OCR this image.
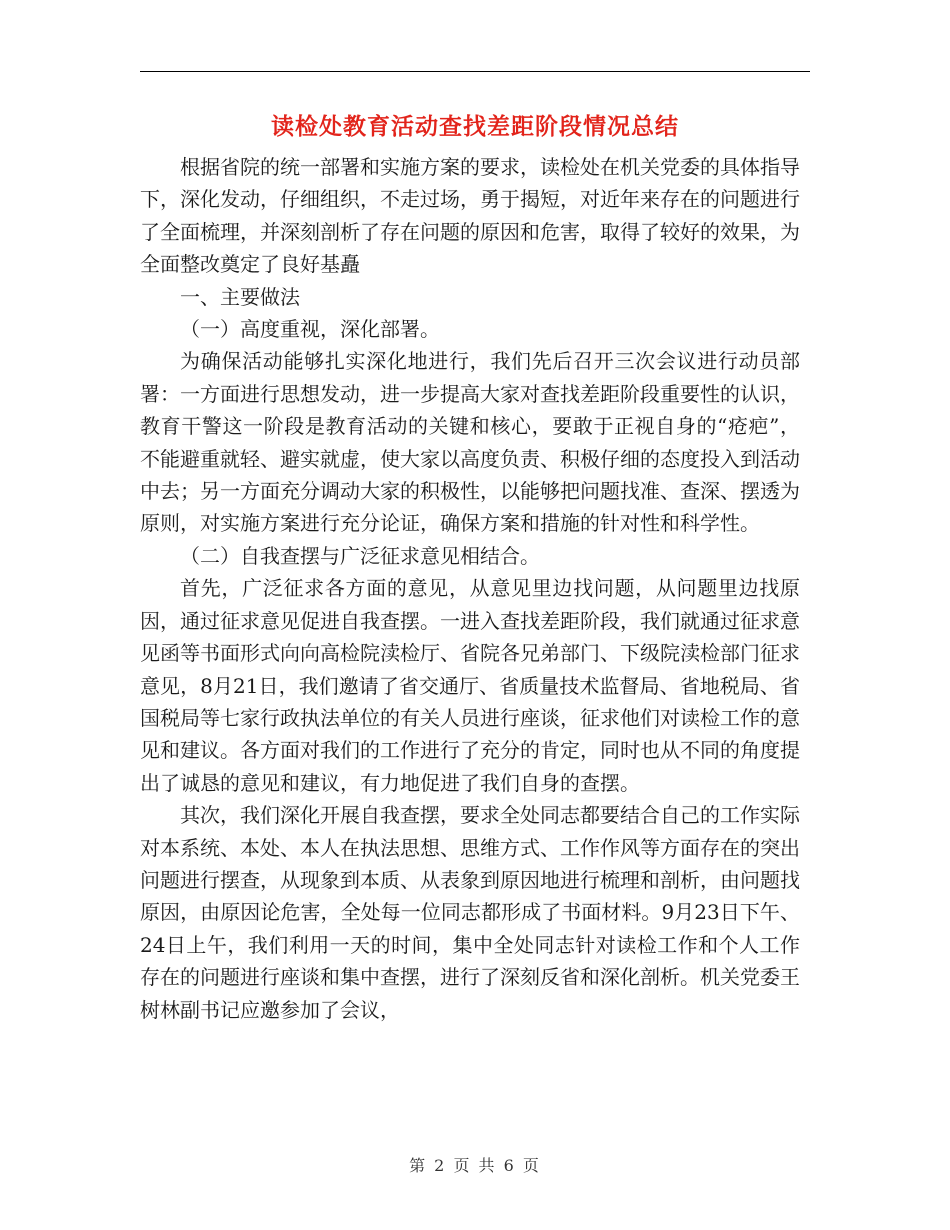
读检处教育活动查找差距阶段情况总结

根据省院的统一部署和实施方案的要求，读检处在机关党委的具体指导下，深化发动，仔细组织，不走过场，勇于揭短，对近年来存在的问题进行了全面梳理，并深刻剖析了存在问题的原因和危害，取得了较好的效果，为全面整改奠定了良好基矗

一、主要做法

（一）高度重视，深化部署。

为确保活动能够扎实深化地进行，我们先后召开三次会议进行动员部署：一方面进行思想发动，进一步提高大家对查找差距阶段重要性的认识，教育干警这一阶段是教育活动的关键和核心，要敢于正视自身的“疮疤”，不能避重就轻、避实就虚，使大家以高度负责、积极仔细的态度投入到活动中去；另一方面充分调动大家的积极性，以能够把问题找准、查深、摆透为原则，对实施方案进行充分论证，确保方案和措施的针对性和科学性。

（二）自我查摆与广泛征求意见相结合。

首先，广泛征求各方面的意见，从意见里边找问题，从问题里边找原因，通过征求意见促进自我查摆。一进入查找差距阶段，我们就通过征求意见函等书面形式向向高检院渎检厅、省院各兄弟部门、下级院渎检部门征求意见，8月21日，我们邀请了省交通厅、省质量技术监督局、省地税局、省国税局等七家行政执法单位的有关人员进行座谈，征求他们对读检工作的意见和建议。各方面对我们的工作进行了充分的肯定，同时也从不同的角度提出了诚恳的意见和建议，有力地促进了我们自身的查摆。

其次，我们深化开展自我查摆，要求全处同志都要结合自己的工作实际对本系统、本处、本人在执法思想、思维方式、工作作风等方面存在的突出问题进行摆查，从现象到本质、从表象到原因地进行梳理和剖析，由问题找原因，由原因论危害，全处每一位同志都形成了书面材料。9月23日下午、24日上午，我们利用一天的时间，集中全处同志针对读检工作和个人工作存在的问题进行座谈和集中查摆，进行了深刻反省和深化剖析。机关党委王树林副书记应邀参加了会议，

第 2 页 共 6 页
